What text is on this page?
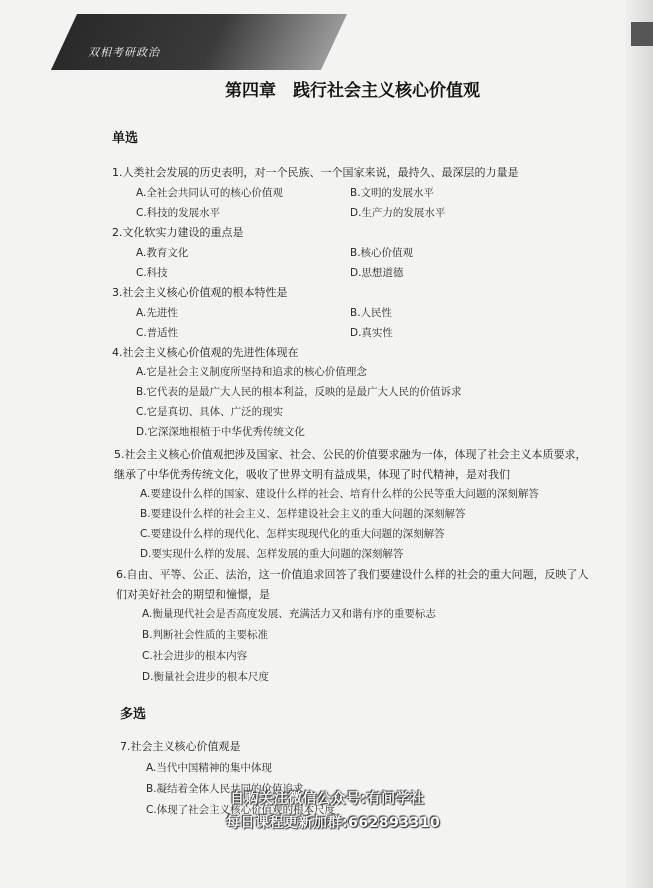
双相考研政治
第四章　践行社会主义核心价值观
单选
1.人类社会发展的历史表明，对一个民族、一个国家来说，最持久、最深层的力量是
A.全社会共同认可的核心价值观	B.文明的发展水平
C.科技的发展水平	D.生产力的发展水平
2.文化软实力建设的重点是
A.教育文化	B.核心价值观
C.科技	D.思想道德
3.社会主义核心价值观的根本特性是
A.先进性	B.人民性
C.普适性	D.真实性
4.社会主义核心价值观的先进性体现在
A.它是社会主义制度所坚持和追求的核心价值理念
B.它代表的是最广大人民的根本利益，反映的是最广大人民的价值诉求
C.它是真切、具体、广泛的现实
D.它深深地根植于中华优秀传统文化
5.社会主义核心价值观把涉及国家、社会、公民的价值要求融为一体，体现了社会主义本质要求，
继承了中华优秀传统文化，吸收了世界文明有益成果，体现了时代精神，是对我们
A.要建设什么样的国家、建设什么样的社会、培育什么样的公民等重大问题的深刻解答
B.要建设什么样的社会主义、怎样建设社会主义的重大问题的深刻解答
C.要建设什么样的现代化、怎样实现现代化的重大问题的深刻解答
D.要实现什么样的发展、怎样发展的重大问题的深刻解答
6.自由、平等、公正、法治，这一价值追求回答了我们要建设什么样的社会的重大问题，反映了人
们对美好社会的期望和憧憬，是
A.衡量现代社会是否高度发展、充满活力又和谐有序的重要标志
B.判断社会性质的主要标准
C.社会进步的根本内容
D.衡量社会进步的根本尺度
多选
7.社会主义核心价值观是
A.当代中国精神的集中体现
B.凝结着全体人民共同的价值追求
C.体现了社会主义核心价值观的根本尺度
自购关注微信公众号:有间学社
每日课程更新加群:662893310
